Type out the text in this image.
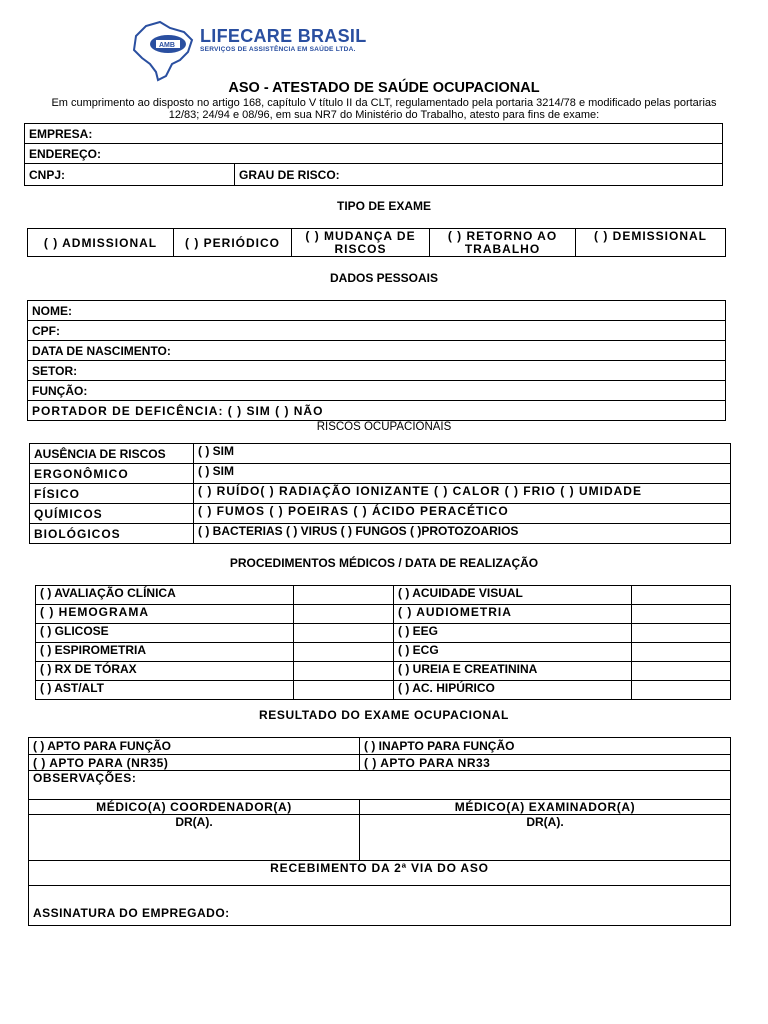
AMB LIFECARE BRASIL
SERVIÇOS DE ASSISTÊNCIA EM SAÚDE LTDA.
ASO - ATESTADO DE SAÚDE OCUPACIONAL
Em cumprimento ao disposto no artigo 168, capítulo V título II da CLT, regulamentado pela portaria 3214/78 e modificado pelas portarias 12/83; 24/94 e 08/96, em sua NR7 do Ministério do Trabalho, atesto para fins de exame:
EMPRESA:
ENDEREÇO:
CNPJ:	GRAU DE RISCO:
TIPO DE EXAME
( ) ADMISSIONAL	( ) PERIÓDICO	( ) MUDANÇA DE
RISCOS	( ) RETORNO AO
TRABALHO	( ) DEMISSIONAL
DADOS PESSOAIS
NOME:
CPF:
DATA DE NASCIMENTO:
SETOR:
FUNÇÃO:
PORTADOR DE DEFICÊNCIA: ( ) SIM ( ) NÃO
RISCOS OCUPACIONAIS
AUSÊNCIA DE RISCOS	( ) SIM
ERGONÔMICO	( ) SIM
FÍSICO	( ) RUÍDO( ) RADIAÇÃO IONIZANTE ( ) CALOR ( ) FRIO ( ) UMIDADE
QUÍMICOS	( ) FUMOS ( ) POEIRAS ( ) ÁCIDO PERACÉTICO
BIOLÓGICOS	( ) BACTERIAS ( ) VIRUS ( ) FUNGOS ( )PROTOZOARIOS
PROCEDIMENTOS MÉDICOS / DATA DE REALIZAÇÃO
( ) AVALIAÇÃO CLÍNICA		( ) ACUIDADE VISUAL	
( ) HEMOGRAMA		( ) AUDIOMETRIA	
( ) GLICOSE		( ) EEG	
( ) ESPIROMETRIA		( ) ECG	
( ) RX DE TÓRAX		( ) UREIA E CREATININA	
( ) AST/ALT		( ) AC. HIPÚRICO	
RESULTADO DO EXAME OCUPACIONAL
( ) APTO PARA FUNÇÃO	( ) INAPTO PARA FUNÇÃO
( ) APTO PARA (NR35)	( ) APTO PARA NR33
OBSERVAÇÕES:	
MÉDICO(A) COORDENADOR(A)	MÉDICO(A) EXAMINADOR(A)
DR(A).	DR(A).
RECEBIMENTO DA 2ª VIA DO ASO	
ASSINATURA DO EMPREGADO:	
